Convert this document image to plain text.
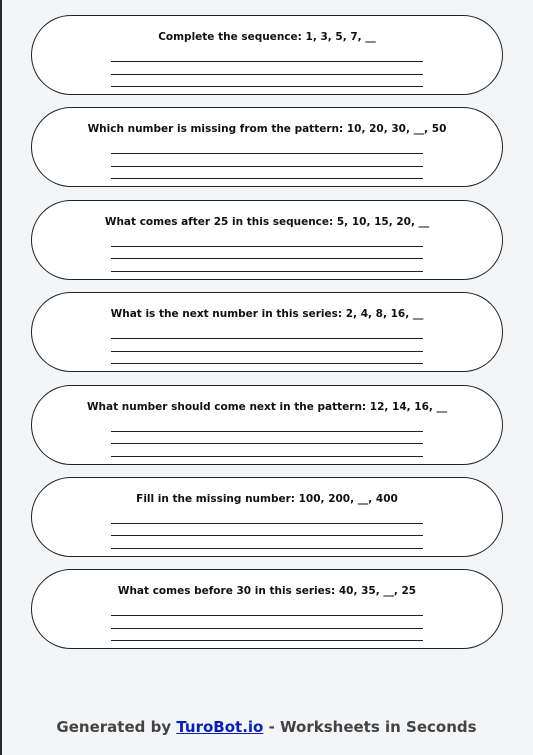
Complete the sequence: 1, 3, 5, 7, __
Which number is missing from the pattern: 10, 20, 30, __, 50
What comes after 25 in this sequence: 5, 10, 15, 20, __
What is the next number in this series: 2, 4, 8, 16, __
What number should come next in the pattern: 12, 14, 16, __
Fill in the missing number: 100, 200, __, 400
What comes before 30 in this series: 40, 35, __, 25
Generated by TuroBot.io - Worksheets in Seconds
